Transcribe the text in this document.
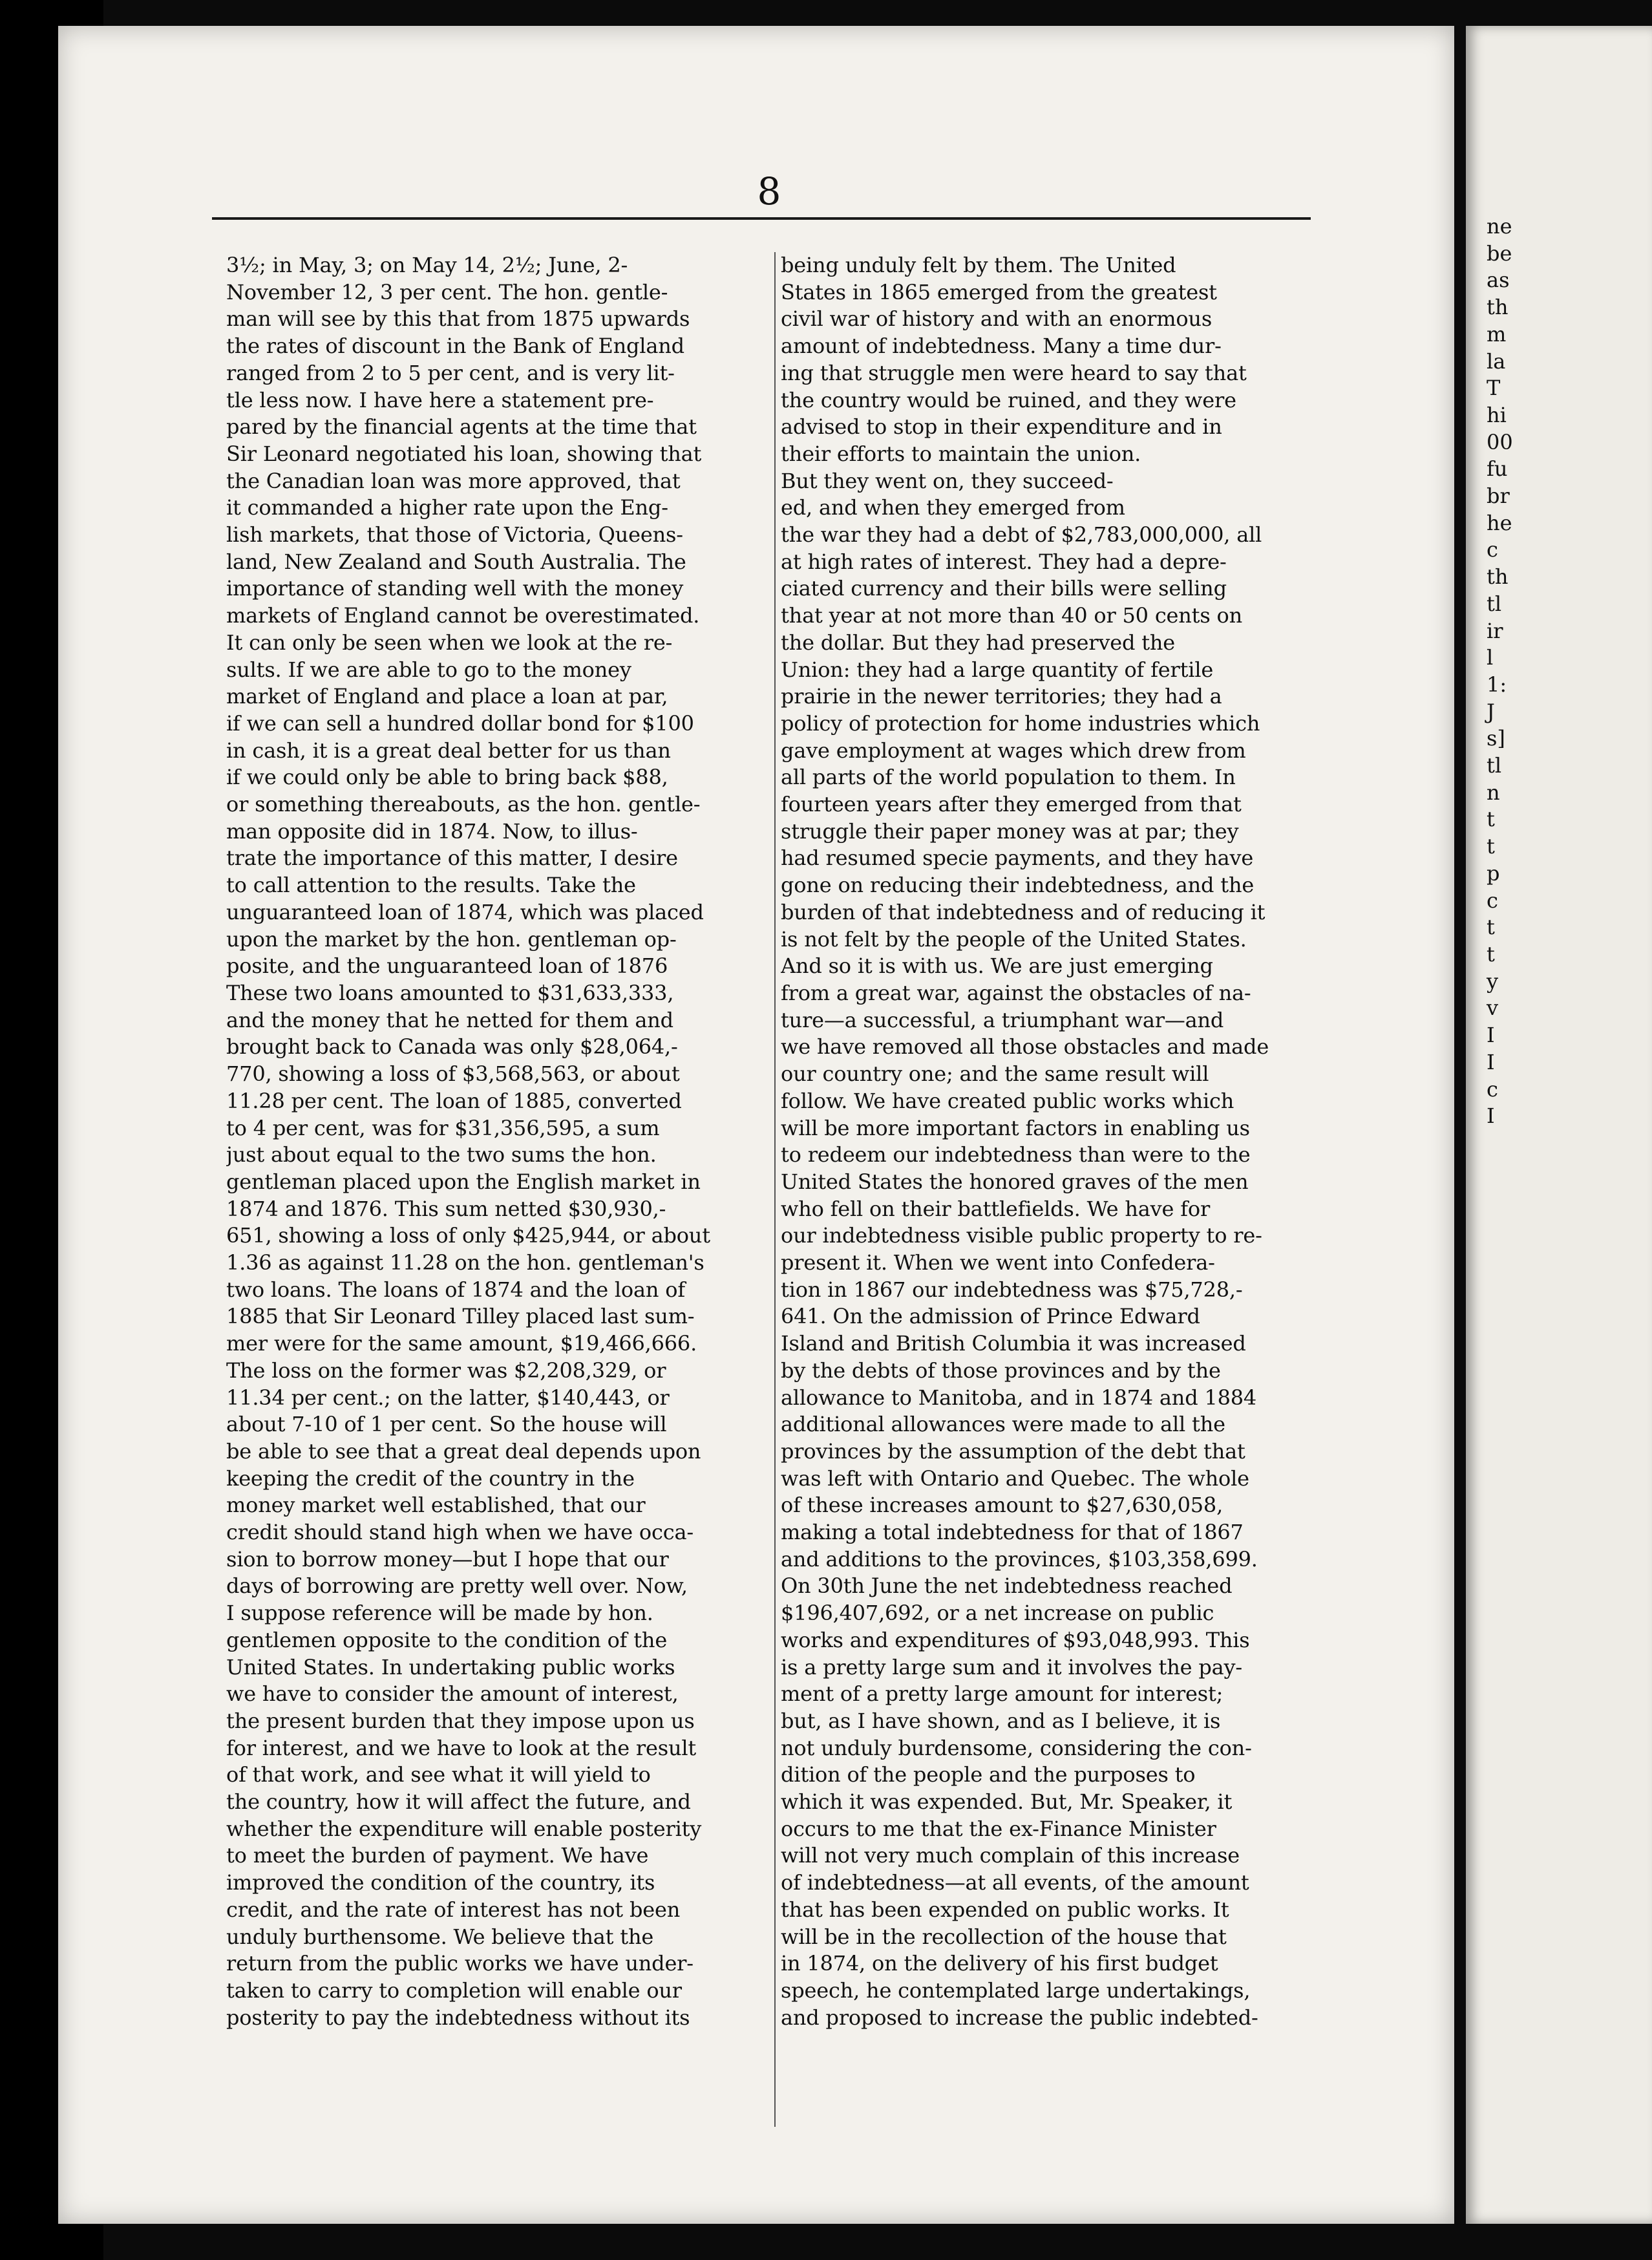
8
3½; in May, 3; on May 14, 2½; June, 2-
November 12, 3 per cent. The hon. gentle-
man will see by this that from 1875 upwards
the rates of discount in the Bank of England
ranged from 2 to 5 per cent, and is very lit-
tle less now. I have here a statement pre-
pared by the financial agents at the time that
Sir Leonard negotiated his loan, showing that
the Canadian loan was more approved, that
it commanded a higher rate upon the Eng-
lish markets, that those of Victoria, Queens-
land, New Zealand and South Australia. The
importance of standing well with the money
markets of England cannot be overestimated.
It can only be seen when we look at the re-
sults. If we are able to go to the money
market of England and place a loan at par,
if we can sell a hundred dollar bond for $100
in cash, it is a great deal better for us than
if we could only be able to bring back $88,
or something thereabouts, as the hon. gentle-
man opposite did in 1874. Now, to illus-
trate the importance of this matter, I desire
to call attention to the results. Take the
unguaranteed loan of 1874, which was placed
upon the market by the hon. gentleman op-
posite, and the unguaranteed loan of 1876
These two loans amounted to $31,633,333,
and the money that he netted for them and
brought back to Canada was only $28,064,-
770, showing a loss of $3,568,563, or about
11.28 per cent. The loan of 1885, converted
to 4 per cent, was for $31,356,595, a sum
just about equal to the two sums the hon.
gentleman placed upon the English market in
1874 and 1876. This sum netted $30,930,-
651, showing a loss of only $425,944, or about
1.36 as against 11.28 on the hon. gentleman's
two loans. The loans of 1874 and the loan of
1885 that Sir Leonard Tilley placed last sum-
mer were for the same amount, $19,466,666.
The loss on the former was $2,208,329, or
11.34 per cent.; on the latter, $140,443, or
about 7-10 of 1 per cent. So the house will
be able to see that a great deal depends upon
keeping the credit of the country in the
money market well established, that our
credit should stand high when we have occa-
sion to borrow money—but I hope that our
days of borrowing are pretty well over. Now,
I suppose reference will be made by hon.
gentlemen opposite to the condition of the
United States. In undertaking public works
we have to consider the amount of interest,
the present burden that they impose upon us
for interest, and we have to look at the result
of that work, and see what it will yield to
the country, how it will affect the future, and
whether the expenditure will enable posterity
to meet the burden of payment. We have
improved the condition of the country, its
credit, and the rate of interest has not been
unduly burthensome. We believe that the
return from the public works we have under-
taken to carry to completion will enable our
posterity to pay the indebtedness without its
being unduly felt by them. The United
States in 1865 emerged from the greatest
civil war of history and with an enormous
amount of indebtedness. Many a time dur-
ing that struggle men were heard to say that
the country would be ruined, and they were
advised to stop in their expenditure and in
their efforts to maintain the union.
But they went on, they succeed-
ed, and when they emerged from
the war they had a debt of $2,783,000,000, all
at high rates of interest. They had a depre-
ciated currency and their bills were selling
that year at not more than 40 or 50 cents on
the dollar. But they had preserved the
Union: they had a large quantity of fertile
prairie in the newer territories; they had a
policy of protection for home industries which
gave employment at wages which drew from
all parts of the world population to them. In
fourteen years after they emerged from that
struggle their paper money was at par; they
had resumed specie payments, and they have
gone on reducing their indebtedness, and the
burden of that indebtedness and of reducing it
is not felt by the people of the United States.
And so it is with us. We are just emerging
from a great war, against the obstacles of na-
ture—a successful, a triumphant war—and
we have removed all those obstacles and made
our country one; and the same result will
follow. We have created public works which
will be more important factors in enabling us
to redeem our indebtedness than were to the
United States the honored graves of the men
who fell on their battlefields. We have for
our indebtedness visible public property to re-
present it. When we went into Confedera-
tion in 1867 our indebtedness was $75,728,-
641. On the admission of Prince Edward
Island and British Columbia it was increased
by the debts of those provinces and by the
allowance to Manitoba, and in 1874 and 1884
additional allowances were made to all the
provinces by the assumption of the debt that
was left with Ontario and Quebec. The whole
of these increases amount to $27,630,058,
making a total indebtedness for that of 1867
and additions to the provinces, $103,358,699.
On 30th June the net indebtedness reached
$196,407,692, or a net increase on public
works and expenditures of $93,048,993. This
is a pretty large sum and it involves the pay-
ment of a pretty large amount for interest;
but, as I have shown, and as I believe, it is
not unduly burdensome, considering the con-
dition of the people and the purposes to
which it was expended. But, Mr. Speaker, it
occurs to me that the ex-Finance Minister
will not very much complain of this increase
of indebtedness—at all events, of the amount
that has been expended on public works. It
will be in the recollection of the house that
in 1874, on the delivery of his first budget
speech, he contemplated large undertakings,
and proposed to increase the public indebted-
ne
be
as
th
m
la
T
hi
00
fu
br
he
c
th
tl
ir
l
1:
J
s]
tl
n
t
t
p
c
t
t
y
v
I
I
c
I
